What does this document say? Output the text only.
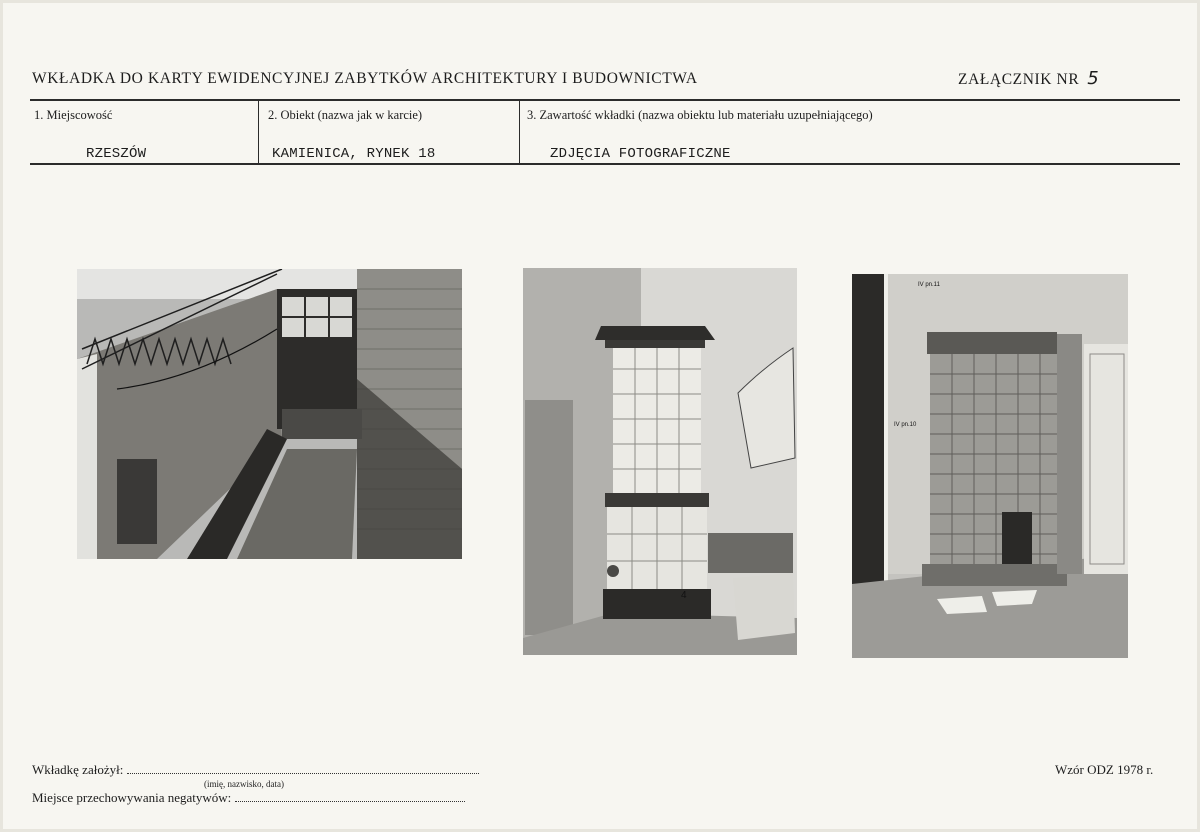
WKŁADKA DO KARTY EWIDENCYJNEJ ZABYTKÓW ARCHITEKTURY I BUDOWNICTWA	ZAŁĄCZNIK NR 5
1. Miejscowość
RZESZÓW
2. Obiekt (nazwa jak w karcie)
KAMIENICA, RYNEK 18
3. Zawartość wkładki (nazwa obiektu lub materiału uzupełniającego)
ZDJĘCIA FOTOGRAFICZNE
4
IV pn.11
IV pn.10
Wkładkę założył:
(imię, nazwisko, data)
Miejsce przechowywania negatywów:
Wzór ODZ 1978 r.
